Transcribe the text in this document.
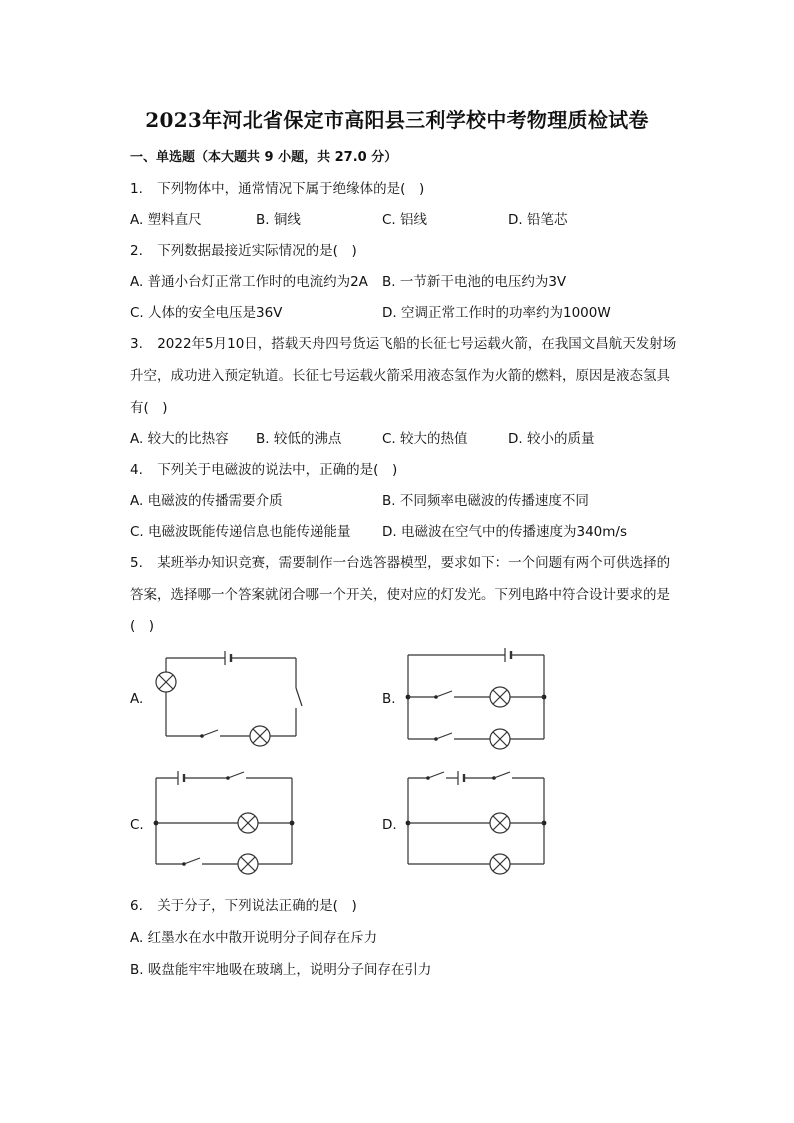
2023年河北省保定市高阳县三利学校中考物理质检试卷
一、单选题（本大题共 9 小题，共 27.0 分）
1. 下列物体中，通常情况下属于绝缘体的是(　)
A. 塑料直尺	B. 铜线	C. 铝线	D. 铅笔芯
2. 下列数据最接近实际情况的是(　)
A. 普通小台灯正常工作时的电流约为2A B. 一节新干电池的电压约为3V
C. 人体的安全电压是36V	D. 空调正常工作时的功率约为1000W
3. 2022年5月10日，搭载天舟四号货运飞船的长征七号运载火箭，在我国文昌航天发射场
升空，成功进入预定轨道。长征七号运载火箭采用液态氢作为火箭的燃料，原因是液态氢具
有(　)
A. 较大的比热容 B. 较低的沸点	C. 较大的热值	D. 较小的质量
4. 下列关于电磁波的说法中，正确的是(　)
A. 电磁波的传播需要介质	B. 不同频率电磁波的传播速度不同
C. 电磁波既能传递信息也能传递能量 D. 电磁波在空气中的传播速度为340m/s
5. 某班举办知识竞赛，需要制作一台选答器模型，要求如下：一个问题有两个可供选择的
答案，选择哪一个答案就闭合哪一个开关，使对应的灯发光。下列电路中符合设计要求的是
(　)
A.	B.
C.	D.
6. 关于分子，下列说法正确的是(　)
A. 红墨水在水中散开说明分子间存在斥力
B. 吸盘能牢牢地吸在玻璃上，说明分子间存在引力
